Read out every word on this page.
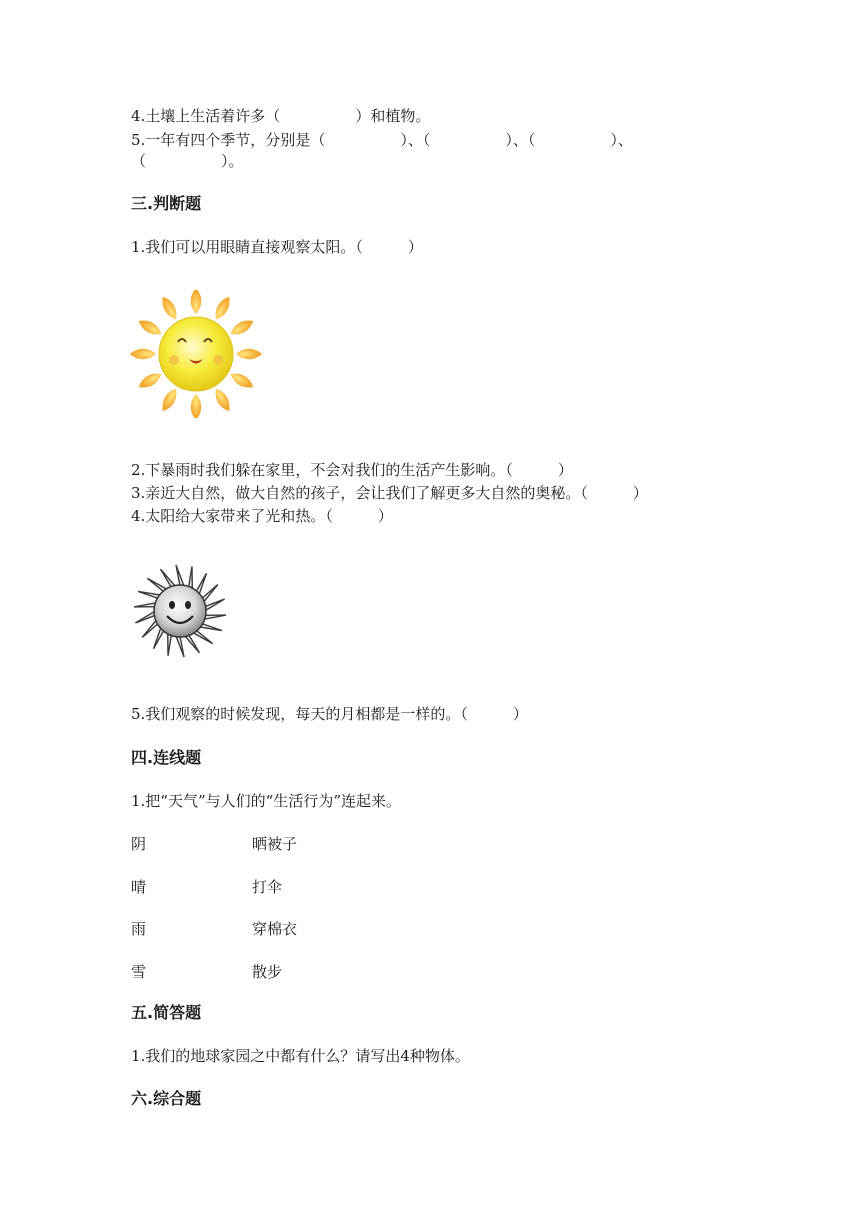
4.土壤上生活着许多（　　　　　）和植物。
5.一年有四个季节，分别是（　　　　　）、（　　　　　）、（　　　　　）、
（　　　　　）。
三.判断题
1.我们可以用眼睛直接观察太阳。（　　　）
2.下暴雨时我们躲在家里，不会对我们的生活产生影响。（　　　）
3.亲近大自然，做大自然的孩子，会让我们了解更多大自然的奥秘。（　　　）
4.太阳给大家带来了光和热。（　　　）
5.我们观察的时候发现，每天的月相都是一样的。（　　　）
四.连线题
1.把“天气”与人们的“生活行为”连起来。
阴	晒被子
晴	打伞
雨	穿棉衣
雪	散步
五.简答题
1.我们的地球家园之中都有什么？请写出4种物体。
六.综合题
